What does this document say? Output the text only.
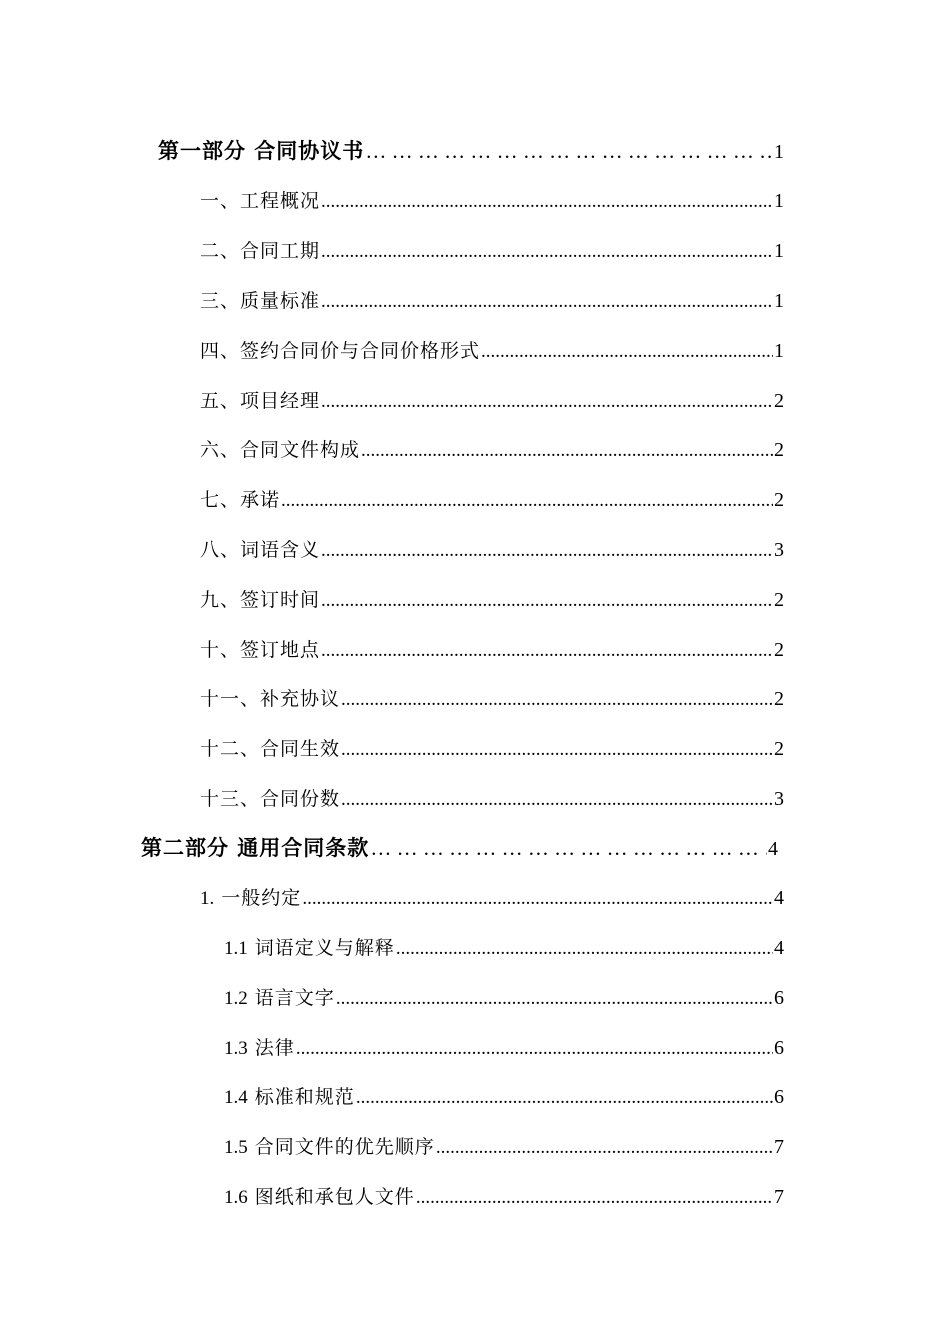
第一部分 合同协议书 … … … … … … … … … … … … … … … … … … … … … … … … … … … … … … … … … … … … … … … … … … … … …	1
一、工程概况 .....	1
二、合同工期 .....	1
三、质量标准 .....	1
四、签约合同价与合同价格形式 .....	1
五、项目经理 .....	2
六、合同文件构成 .....	2
七、承诺 .....	2
八、词语含义 .....	3
九、签订时间 .....	2
十、签订地点 .....	2
十一、补充协议 .....	2
十二、合同生效 .....	2
十三、合同份数 .....	3
第二部分 通用合同条款 … … … … … … … … … … … … … … … … … … … … … … … … … … … … … … … … … … … … … … … … … … … … …	4
1. 一般约定 .....	4
1.1 词语定义与解释 .....	4
1.2 语言文字 .....	6
1.3 法律 .....	6
1.4 标准和规范 .....	6
1.5 合同文件的优先顺序 .....	7
1.6 图纸和承包人文件 .....	7
